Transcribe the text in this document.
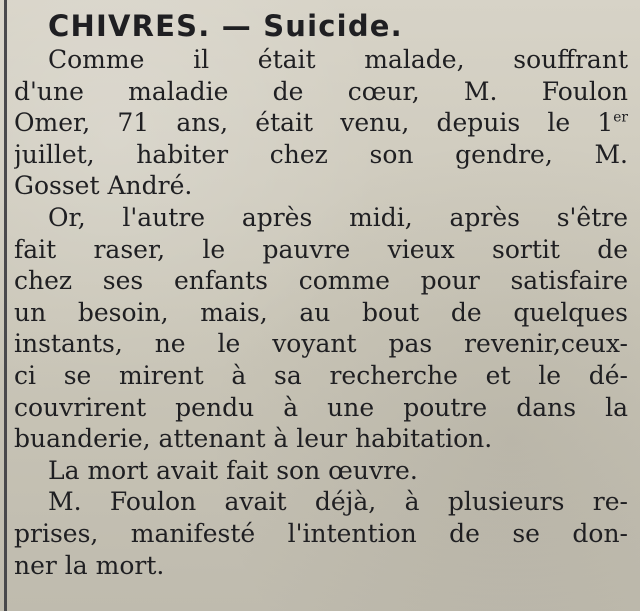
CHIVRES. — Suicide.
Comme il était malade, souffrant
d'une maladie de cœur, M. Foulon
Omer, 71 ans, était venu, depuis le 1er
juillet, habiter chez son gendre, M.
Gosset André.
Or, l'autre après midi, après s'être
fait raser, le pauvre vieux sortit de
chez ses enfants comme pour satisfaire
un besoin, mais, au bout de quelques
instants, ne le voyant pas revenir,ceux-
ci se mirent à sa recherche et le dé-
couvrirent pendu à une poutre dans la
buanderie, attenant à leur habitation.
La mort avait fait son œuvre.
M. Foulon avait déjà, à plusieurs re-
prises, manifesté l'intention de se don-
ner la mort.
